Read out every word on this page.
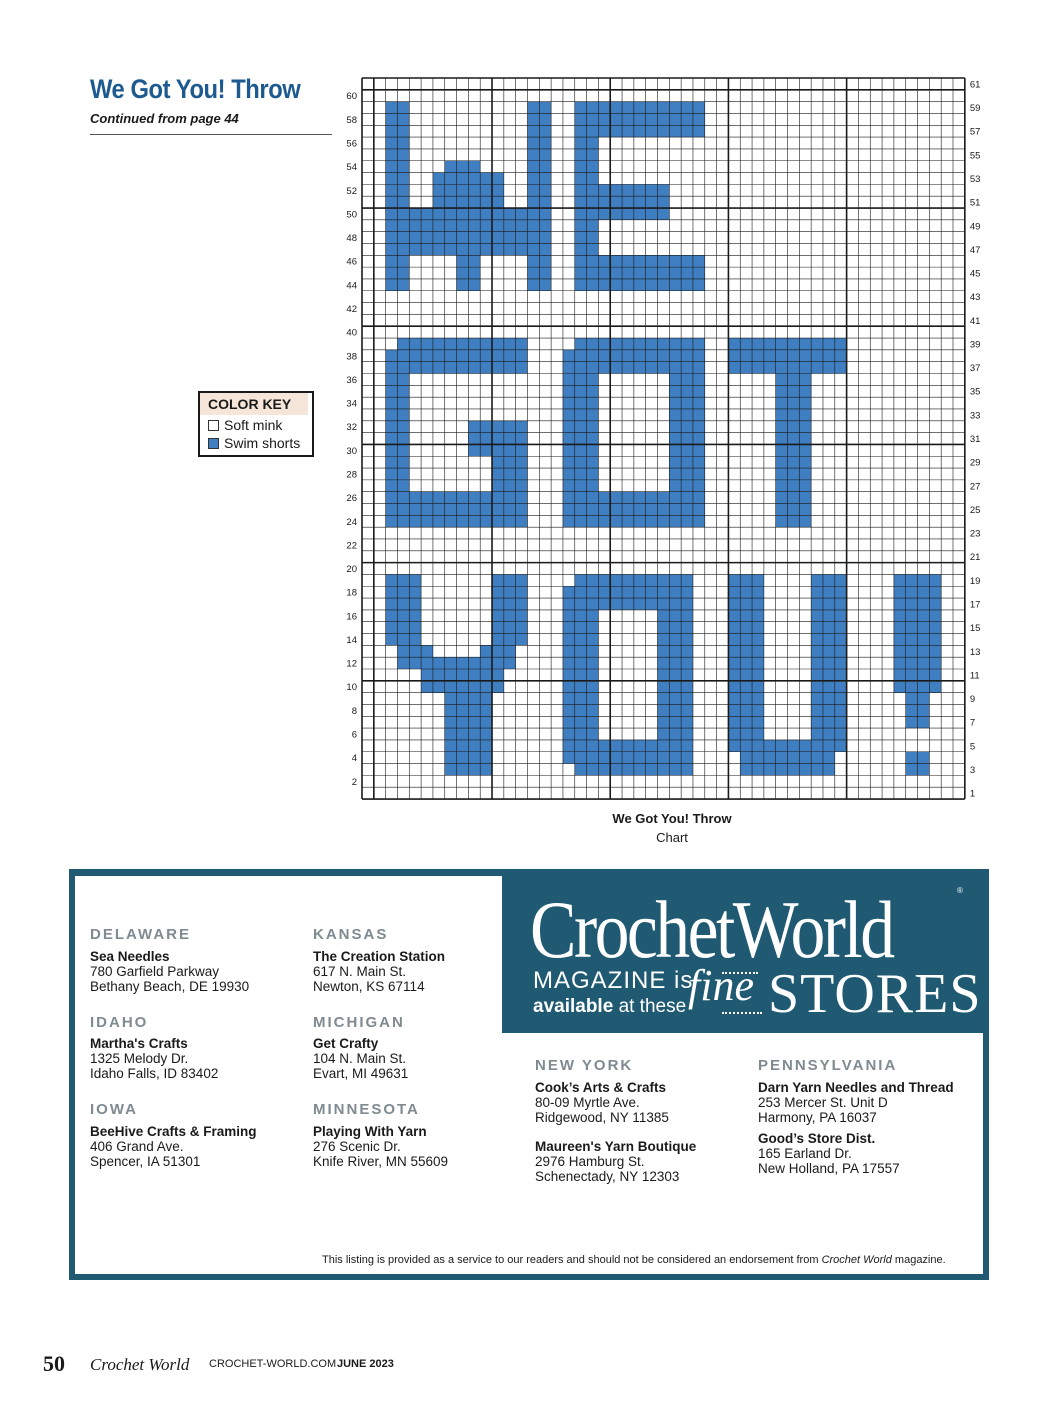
We Got You! Throw
Continued from page 44
COLOR KEY
Soft mink
Swim shorts
60
58
56
54
52
50
48
46
44
42
40
38
36
34
32
30
28
26
24
22
20
18
16
14
12
10
8
6
4
2
61
59
57
55
53
51
49
47
45
43
41
39
37
35
33
31
29
27
25
23
21
19
17
15
13
11
9
7
5
3
1
We Got You! Throw
Chart
CrochetWorld	®
MAGAZINE is
available at these fine STORES
DELAWARE
Sea Needles
780 Garfield Parkway
Bethany Beach, DE 19930
IDAHO
Martha's Crafts
1325 Melody Dr.
Idaho Falls, ID 83402
IOWA
BeeHive Crafts & Framing
406 Grand Ave.
Spencer, IA 51301
KANSAS
The Creation Station
617 N. Main St.
Newton, KS 67114
MICHIGAN
Get Crafty
104 N. Main St.
Evart, MI 49631
MINNESOTA
Playing With Yarn
276 Scenic Dr.
Knife River, MN 55609
NEW YORK
Cook’s Arts & Crafts
80-09 Myrtle Ave.
Ridgewood, NY 11385
Maureen's Yarn Boutique
2976 Hamburg St.
Schenectady, NY 12303
PENNSYLVANIA
Darn Yarn Needles and Thread
253 Mercer St. Unit D
Harmony, PA 16037
Good’s Store Dist.
165 Earland Dr.
New Holland, PA 17557
This listing is provided as a service to our readers and should not be considered an endorsement from Crochet World magazine.
50 Crochet World CROCHET-WORLD.COM JUNE 2023
